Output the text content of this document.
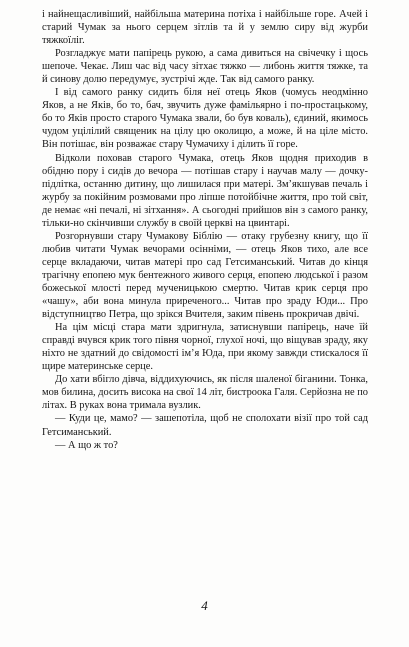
і найнещасливіший, найбільша материна потіха і найбільше горе. Ачей і старий Чумак за нього серцем зітлів та й у землю сиру від журби тяжкоїліг.

Розгладжує мати папірець рукою, а сама дивиться на свічечку і щось шепоче. Чекає. Лиш час від часу зітхає тяжко — либонь життя тяжке, та й синову долю передумує, зустрічі жде. Так від самого ранку.

І від самого ранку сидить біля неї отець Яков (чомусь неодмінно Яков, а не Яків, бо то, бач, звучить дуже фамільярно і по-простацькому, бо то Яків просто старого Чумака звали, бо був коваль), єдиний, якимось чудом уцілілий священик на цілу цю околицю, а може, й на ціле місто. Він потішає, він розважає стару Чумачиху і ділить її горе.

Відколи поховав старого Чумака, отець Яков щодня приходив в обідню пору і сидів до вечора — потішав стару і научав малу — дочку-підлітка, останню дитину, що лишилася при матері. Зм’якшував печаль і журбу за покійним розмовами про ліпше потойбічне життя, про той світ, де немає «ні печалі, ні зітхання». А сьогодні прийшов він з самого ранку, тільки-но скінчивши службу в своїй церкві на цвинтарі.

Розгорнувши стару Чумакову Біблію — отаку грубезну книгу, що її любив читати Чумак вечорами осінніми, — отець Яков тихо, але все серце вкладаючи, читав матері про сад Гетсиманський. Читав до кінця трагічну епопею мук бентежного живого серця, епопею людської і разом божеської млості перед мученицькою смертю. Читав крик серця про «чашу», аби вона минула приреченого... Читав про зраду Юди... Про відступництво Петра, що зрікся Вчителя, заким півень прокричав двічі.

На цім місці стара мати здригнула, затиснувши папірець, наче їй справді вчувся крик того півня чорної, глухої ночі, що віщував зраду, яку ніхто не здатний до свідомості ім’я Юда, при якому завжди стискалося її щире материнське серце.

До хати вбігло дівча, віддихуючись, як після шаленої біганини. Тонка, мов билина, досить висока на свої 14 літ, бистроока Галя. Серйозна не по літах. В руках вона тримала вузлик.

— Куди це, мамо? — зашепотіла, щоб не сполохати візії про той сад Гетсиманський.

— А що ж то?

4
